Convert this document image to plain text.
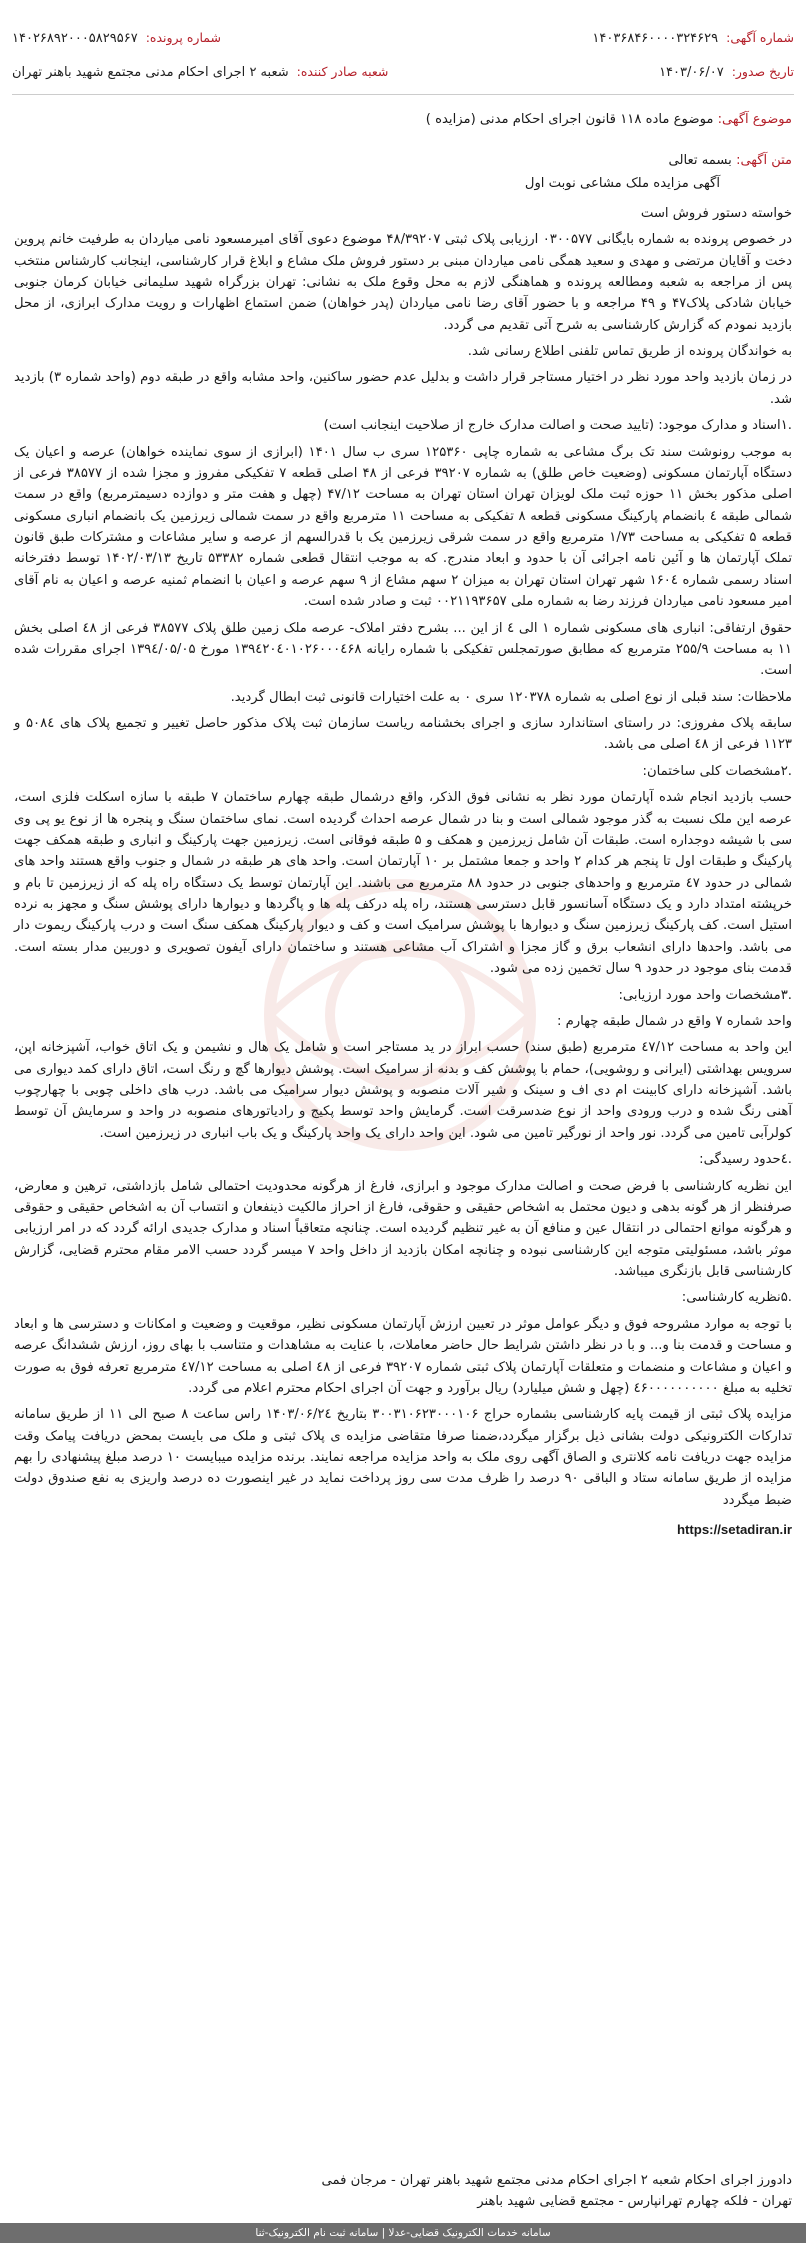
شماره آگهی:
۱۴۰۳۶۸۴۶۰۰۰۰۳۲۴۶۲۹
شماره پرونده:
۱۴۰۲۶۸۹۲۰۰۰۵۸۲۹۵۶۷
تاریخ صدور:
۱۴۰۳/۰۶/۰۷
شعبه صادر کننده:
شعبه ۲ اجرای احکام مدنی مجتمع شهید باهنر تهران
موضوع آگهی: موضوع ماده ۱۱۸ قانون اجرای احکام مدنی (مزایده )

متن آگهی: بسمه تعالی

آگهی مزایده ملک مشاعی نوبت اول

خواسته دستور فروش است

در خصوص پرونده به شماره بایگانی ۰۳۰۰۵۷۷ ارزیابی پلاک ثبتی ۴۸/۳۹۲۰۷ موضوع دعوی آقای امیرمسعود نامی میاردان به طرفیت خانم پروین دخت و آقایان مرتضی و مهدی و سعید همگی نامی میاردان مبنی بر دستور فروش ملک مشاع و ابلاغ قرار کارشناسی، اینجانب کارشناس منتخب پس از مراجعه به شعبه ومطالعه پرونده و هماهنگی لازم به محل وقوع ملک به نشانی: تهران بزرگراه شهید سلیمانی خیابان کرمان جنوبی خیابان شادکی پلاک۴۷ و ۴۹ مراجعه و با حضور آقای رضا نامی میاردان (پدر خواهان) ضمن استماع اظهارات و رویت مدارک ابرازی، از محل بازدید نمودم که گزارش کارشناسی به شرح آتی تقدیم می گردد.

به خواندگان پرونده از طریق تماس تلفنی اطلاع رسانی شد.

در زمان بازدید واحد مورد نظر در اختیار مستاجر قرار داشت و بدلیل عدم حضور ساکنین، واحد مشابه واقع در طبقه دوم (واحد شماره ۳) بازدید شد.

.۱اسناد و مدارک موجود: (تایید صحت و اصالت مدارک خارج از صلاحیت اینجانب است)

به موجب رونوشت سند تک برگ مشاعی به شماره چاپی ۱۲۵۳۶۰ سری ب سال ۱۴۰۱ (ابرازی از سوی نماینده خواهان) عرصه و اعیان یک دستگاه آپارتمان مسکونی (وضعیت خاص طلق) به شماره ۳۹۲۰۷ فرعی از ۴۸ اصلی قطعه ۷ تفکیکی مفروز و مجزا شده از ۳۸۵۷۷ فرعی از اصلی مذکور بخش ۱۱ حوزه ثبت ملک لویزان تهران استان تهران به مساحت ۴۷/۱۲ (چهل و هفت متر و دوازده دسیمترمربع) واقع در سمت شمالی طبقه ٤ بانضمام پارکینگ مسکونی قطعه ۸ تفکیکی به مساحت ۱۱ مترمربع واقع در سمت شمالی زیرزمین یک بانضمام انباری مسکونی قطعه ۵ تفکیکی به مساحت ۱/۷۳ مترمربع واقع در سمت شرقی زیرزمین یک با قدرالسهم از عرصه و سایر مشاعات و مشترکات طبق قانون تملک آپارتمان ها و آئین نامه اجرائی آن با حدود و ابعاد مندرج. که به موجب انتقال قطعی شماره ۵۳۳۸۲ تاریخ ۱۴۰۲/۰۳/۱۳ توسط دفترخانه اسناد رسمی شماره ۱۶۰٤ شهر تهران استان تهران به میزان ۲ سهم مشاع از ۹ سهم عرصه و اعیان با انضمام ثمنیه عرصه و اعیان به نام آقای امیر مسعود نامی میاردان فرزند رضا به شماره ملی ۰۰۲۱۱۹۳۶۵۷ ثبت و صادر شده است.

حقوق ارتفاقی: انباری های مسکونی شماره ۱ الی ٤ از این ... بشرح دفتر املاک- عرصه ملک زمین طلق پلاک ۳۸۵۷۷ فرعی از ٤۸ اصلی بخش ۱۱ به مساحت ۲۵۵/۹ مترمربع که مطابق صورتمجلس تفکیکی با شماره رایانه ۱۳۹٤۲۰٤۰۱۰۲۶۰۰۰٤۶۸ مورخ ۱۳۹٤/۰۵/۰۵ اجرای مقررات شده است.

ملاحظات: سند قبلی از نوع اصلی به شماره ۱۲۰۳۷۸ سری ۰ به علت اختیارات قانونی ثبت ابطال گردید.

سابقه پلاک مفروزی: در راستای استاندارد سازی و اجرای بخشنامه ریاست سازمان ثبت پلاک مذکور حاصل تغییر و تجمیع پلاک های ۵۰۸٤ و ۱۱۲۳ فرعی از ٤۸ اصلی می باشد.

.۲مشخصات کلی ساختمان:

حسب بازدید انجام شده آپارتمان مورد نظر به نشانی فوق الذکر، واقع درشمال طبقه چهارم ساختمان ۷ طبقه با سازه اسکلت فلزی است، عرصه این ملک نسبت به گذر موجود شمالی است و بنا در شمال عرصه احداث گردیده است. نمای ساختمان سنگ و پنجره ها از نوع یو پی وی سی با شیشه دوجداره است. طبقات آن شامل زیرزمین و همکف و ۵ طبقه فوقانی است. زیرزمین جهت پارکینگ و انباری و طبقه همکف جهت پارکینگ و طبقات اول تا پنجم هر کدام ۲ واحد و جمعا مشتمل بر ۱۰ آپارتمان است. واحد های هر طبقه در شمال و جنوب واقع هستند واحد های شمالی در حدود ٤۷ مترمربع و واحدهای جنوبی در حدود ۸۸ مترمربع می باشند. این آپارتمان توسط یک دستگاه راه پله که از زیرزمین تا بام و خرپشته امتداد دارد و یک دستگاه آسانسور قابل دسترسی هستند، راه پله درکف پله ها و پاگردها و دیوارها دارای پوشش سنگ و مجهز به نرده استیل است. کف پارکینگ زیرزمین سنگ و دیوارها با پوشش سرامیک است و کف و دیوار پارکینگ همکف سنگ است و درب پارکینگ ریموت دار می باشد. واحدها دارای انشعاب برق و گاز مجزا و اشتراک آب مشاعی هستند و ساختمان دارای آیفون تصویری و دوربین مدار بسته است. قدمت بنای موجود در حدود ۹ سال تخمین زده می شود.

.۳مشخصات واحد مورد ارزیابی:

واحد شماره ۷ واقع در شمال طبقه چهارم :

این واحد به مساحت ٤۷/۱۲ مترمربع (طبق سند) حسب ابراز در ید مستاجر است و شامل یک هال و نشیمن و یک اتاق خواب، آشپزخانه اپن، سرویس بهداشتی (ایرانی و روشویی)، حمام با پوشش کف و بدنه از سرامیک است. پوشش دیوارها گچ و رنگ است، اتاق دارای کمد دیواری می باشد. آشپزخانه دارای کابینت ام دی اف و سینک و شیر آلات منصوبه و پوشش دیوار سرامیک می باشد. درب های داخلی چوبی با چهارچوب آهنی رنگ شده و درب ورودی واحد از نوع ضدسرقت است. گرمایش واحد توسط پکیج و رادیاتورهای منصوبه در واحد و سرمایش آن توسط کولرآبی تامین می گردد. نور واحد از نورگیر تامین می شود. این واحد دارای یک واحد پارکینگ و یک باب انباری در زیرزمین است.

.٤حدود رسیدگی:

این نظریه کارشناسی با فرض صحت و اصالت مدارک موجود و ابرازی، فارغ از هرگونه محدودیت احتمالی شامل بازداشتی، ترهین و معارض، صرفنظر از هر گونه بدهی و دیون محتمل به اشخاص حقیقی و حقوقی، فارغ از احراز مالکیت ذینفعان و انتساب آن به اشخاص حقیقی و حقوقی و هرگونه موانع احتمالی در انتقال عین و منافع آن به غیر تنظیم گردیده است. چنانچه متعاقباً اسناد و مدارک جدیدی ارائه گردد که در امر ارزیابی موثر باشد، مسئولیتی متوجه این کارشناسی نبوده و چنانچه امکان بازدید از داخل واحد ۷ میسر گردد حسب الامر مقام محترم قضایی، گزارش کارشناسی قابل بازنگری میباشد.

.۵نظریه کارشناسی:

با توجه به موارد مشروحه فوق و دیگر عوامل موثر در تعیین ارزش آپارتمان مسکونی نظیر، موقعیت و وضعیت و امکانات و دسترسی ها و ابعاد و مساحت و قدمت بنا و... و با در نظر داشتن شرایط حال حاضر معاملات، با عنایت به مشاهدات و متناسب با بهای روز، ارزش ششدانگ عرصه و اعیان و مشاعات و منضمات و متعلقات آپارتمان پلاک ثبتی شماره ۳۹۲۰۷ فرعی از ٤۸ اصلی به مساحت ٤۷/۱۲ مترمربع تعرفه فوق به صورت تخلیه به مبلغ ٤۶۰۰۰۰۰۰۰۰۰۰ (چهل و شش میلیارد) ریال برآورد و جهت آن اجرای احکام محترم اعلام می گردد.

مزایده پلاک ثبتی از قیمت پایه کارشناسی بشماره حراج ۳۰۰۳۱۰۶۲۳۰۰۰۱۰۶ بتاریخ ۱۴۰۳/۰۶/۲٤ راس ساعت ۸ صبح الی ۱۱ از طریق سامانه تدارکات الکترونیکی دولت بشانی ذیل برگزار میگردد،ضمنا صرفا متقاضی مزایده ی پلاک ثبتی و ملک می بایست بمحض دریافت پیامک وقت مزایده جهت دریافت نامه کلانتری و الصاق آگهی روی ملک به واحد مزایده مراجعه نمایند. برنده مزایده میبایست ۱۰ درصد مبلغ پیشنهادی را بهم مزایده از طریق سامانه ستاد و الباقی ۹۰ درصد را ظرف مدت سی روز پرداخت نماید در غیر اینصورت ده درصد واریزی به نفع صندوق دولت ضبط میگردد

https://setadiran.ir
دادورز اجرای احکام شعبه ۲ اجرای احکام مدنی مجتمع شهید باهنر تهران - مرجان فمی
تهران - فلکه چهارم تهرانپارس - مجتمع قضایی شهید باهنر
سامانه خدمات الکترونیک قضایی-عدلا | سامانه ثبت نام الکترونیک-ثنا
